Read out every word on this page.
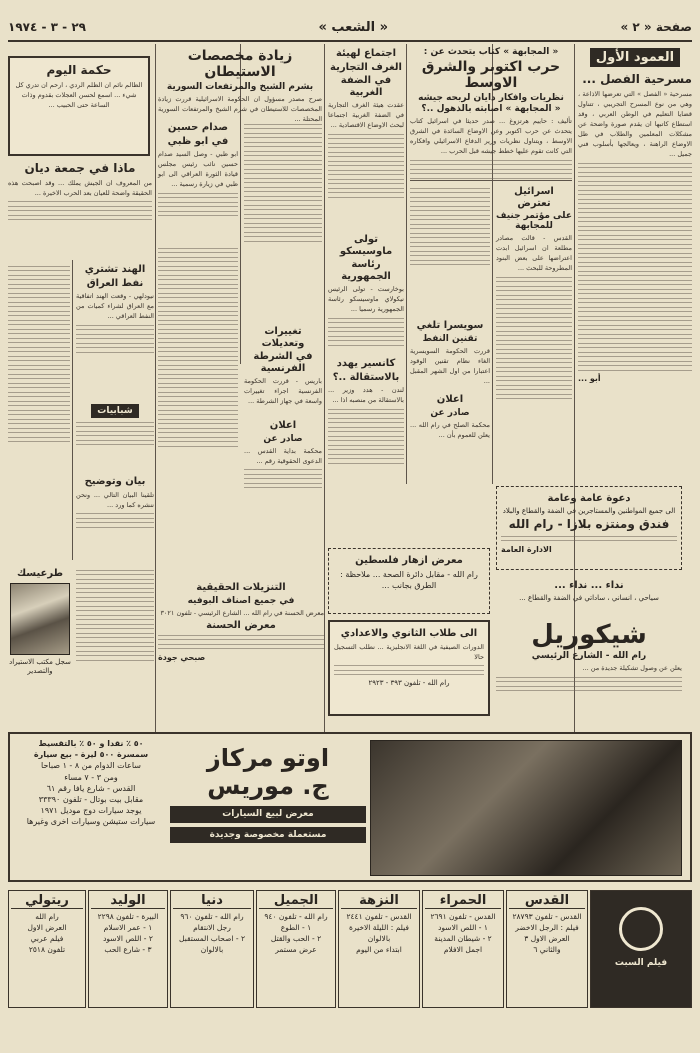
صفحة « ٢ »
« الشعب »
٢٩ - ٣ - ١٩٧٤
العمود الأول
مسرحية الفصل ...
مسرحية « الفصل » التي تعرضها الاذاعة ، وهي من نوع المسرح التجريبي ، تتناول قضايا التعليم في الوطن العربي ، وقد استطاع كاتبها ان يقدم صورة واضحة عن مشكلات المعلمين والطلاب في ظل الاوضاع الراهنة ، ويعالجها بأسلوب فني جميل ...
أبو ...
« المجابهة » كتاب يتحدث عن :
حرب اكتوبر والشرق الاوسط
نظريات وافكار دايان لربحه جيشه
« المجابهة » اصابته بالذهول ..؟
تأليف : حاييم هرتزوغ ... صدر حديثا في اسرائيل كتاب يتحدث عن حرب اكتوبر وعن الاوضاع السائدة في الشرق الاوسط ، ويتناول نظريات وزير الدفاع الاسرائيلي وافكاره التي كانت تقوم عليها خطط جيشه قبل الحرب ...
اسرائيل تعترض
على مؤتمر جنيف للمجابهة
القدس - قالت مصادر مطلعة ان اسرائيل ابدت اعتراضها على بعض البنود المطروحة للبحث ...
سويسرا تلغي
تقنين النفط
قررت الحكومة السويسرية الغاء نظام تقنين الوقود اعتبارا من اول الشهر المقبل ...
اعلان
صادر عن
محكمة الصلح في رام الله ... يعلن للعموم بأن ...
اجتماع لهيئة
الغرف التجارية
في الضفة الغربية
عقدت هيئة الغرف التجارية في الضفة الغربية اجتماعا لبحث الاوضاع الاقتصادية ...
تولى ماوسيسكو
رئاسة الجمهورية
بوخارست - تولى الرئيس نيكولاي ماوسيسكو رئاسة الجمهورية رسميا ...
كانسير يهدد
بالاستقالة ..؟
لندن - هدد وزير ... بالاستقالة من منصبه اذا ...
دعوة عامة وعامة
الى جميع المواطنين والمستاجرين في الضفة والقطاع والبلاد
فندق ومنتزه بلازا - رام الله
الادارة العامة
نداء ... نداء ...
سياحي ، انساني ، ساداتي في الضفة والقطاع ...
شيكوريل
رام الله - الشارع الرئيسي
يعلن عن وصول تشكيلة جديدة من ...
معرض ازهار فلسطين
رام الله - مقابل دائرة الصحة ... ملاحظة : الطرق بجانب ...
الى طلاب الثانوي والاعدادي
الدورات الصيفية في اللغة الانجليزية ... نطلب التسجيل حالا
رام الله - تلفون ٣٩٣ - ٢٩٢٣
زيادة مخصصات الاستيطان
بشرم الشيخ والمرتفعات السورية
صرح مصدر مسؤول ان الحكومة الاسرائيلية قررت زيادة المخصصات للاستيطان في شرم الشيخ والمرتفعات السورية المحتلة ...
صدام حسين
في ابو ظبي
ابو ظبي - وصل السيد صدام حسين نائب رئيس مجلس قيادة الثورة العراقي الى ابو ظبي في زيارة رسمية ...
تغييرات وتعديلات
في الشرطة الفرنسية
باريس - قررت الحكومة الفرنسية اجراء تغييرات واسعة في جهاز الشرطة ...
اعلان
صادر عن
محكمة بداية القدس ... الدعوى الحقوقية رقم ...
التنزيلات الحقيقية
في جميع اصناف البوفيه
معرض الحسنة في رام الله ... الشارع الرئيسي - تلفون ٣٠٢١
معرض الحسنة
صبحي جودة
حكمة اليوم
الظالم نائم ان الظلم الردي ، ارحم ان تدري كل شيء ... اسمع لحسن العجلات بقدوم وذات الساعة حتى الحبيب ...
ماذا في جمعة ديان
من المعروف ان الجيش يملك ... وقد اصبحت هذه الحقيقة واضحة للعيان بعد الحرب الاخيرة ...
الهند تشتري
نفط العراق
نيودلهي - وقعت الهند اتفاقية مع العراق لشراء كميات من النفط العراقي ...
شبابيات
بيان وتوضيح
تلقينا البيان التالي ... ونحن ننشره كما ورد ...
طرعيسك
سجل مكتب الاستيراد والتصدير
٥٠ ٪ نقدا و ٥٠ ٪ بالتقسيط
سمسرة ٥٠٠ ليرة - بيع سيارة
ساعات الدوام من ٨ - ١ صباحا
ومن ٣ - ٧ مساء
القدس - شارع يافا رقم ٦١
مقابل بيت بوتال - تلفون ٣٣٣٩٠
يوجد سيارات دوج موديل ١٩٧١
سيارات ستيشن وسيارات اخرى وغيرها
اوتو مركاز
ج. موريس
معرض لبيع السيارات
مستعملة مخصوصة وجديدة
فيلم السبت
القدس
القدس - تلفون ٢٨٧٩٣
فيلم : الرجل الاخضر
العرض الاول ٣
والثاني ٦
الحمراء
القدس - تلفون ٢٦٩١
١ - اللص الاسود
٢ - شيطان المدينة
اجمل الافلام
النزهة
القدس - تلفون ٢٤٤١
فيلم : الليلة الاخيرة
بالالوان
ابتداء من اليوم
الجميل
رام الله - تلفون ٩٤٠
١ - الطوع
٢ - الحب والقتل
عرض مستمر
دنيا
رام الله - تلفون ٩٦٠
رجل الانتقام
٢ - اصحاب المستقبل
بالالوان
الوليد
البيرة - تلفون ٢٢٩٨
١ - عمر الاسلام
٢ - اللص الاسود
٣ - شارع الحب
ريتولي
رام الله
العرض الاول
فيلم عربي
تلفون ٢٥١٨
